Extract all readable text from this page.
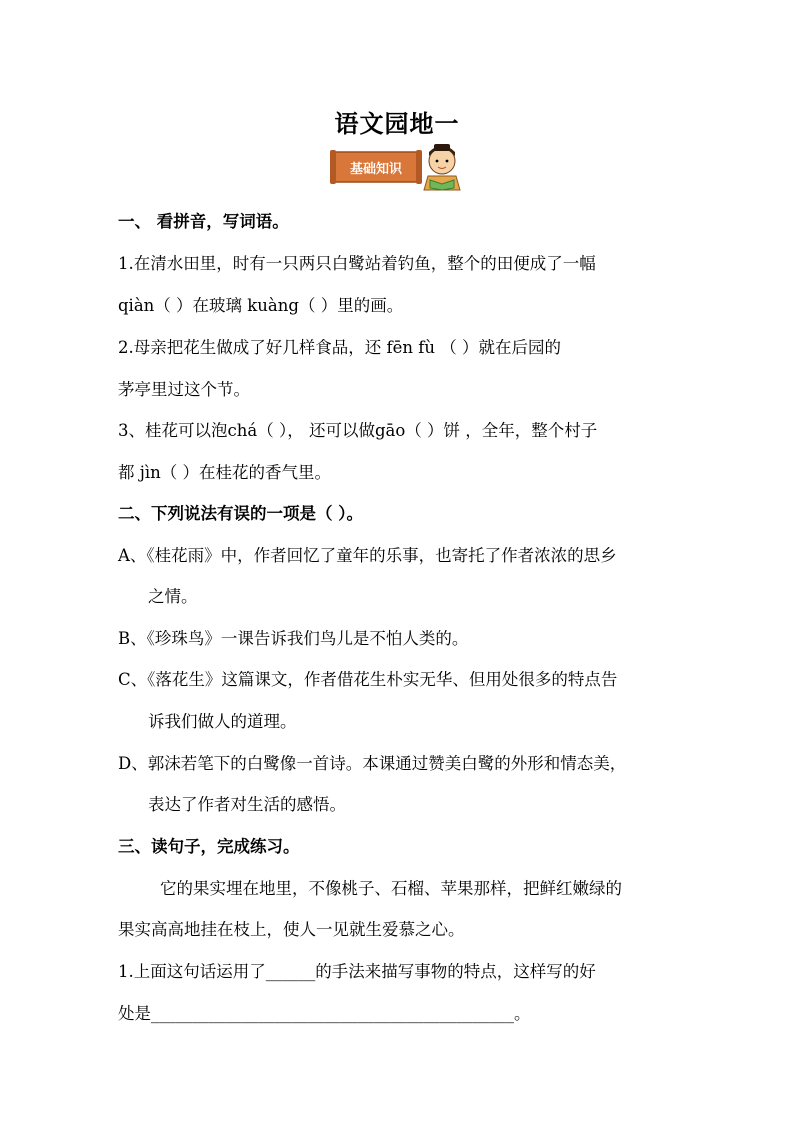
语文园地一
基础知识
一、 看拼音，写词语。
1.在清水田里，时有一只两只白鹭站着钓鱼，整个的田便成了一幅
qiàn（ ）在玻璃 kuàng（ ）里的画。
2.母亲把花生做成了好几样食品，还 fēn fù （ ）就在后园的
茅亭里过这个节。
3、桂花可以泡chá（ ）， 还可以做gāo（ ）饼 ，全年，整个村子
都 jìn（ ）在桂花的香气里。
二、下列说法有误的一项是（ ）。
A、《桂花雨》中，作者回忆了童年的乐事，也寄托了作者浓浓的思乡
之情。
B、《珍珠鸟》一课告诉我们鸟儿是不怕人类的。
C、《落花生》这篇课文，作者借花生朴实无华、但用处很多的特点告
诉我们做人的道理。
D、郭沫若笔下的白鹭像一首诗。本课通过赞美白鹭的外形和情态美，
表达了作者对生活的感悟。
三、读句子，完成练习。
它的果实埋在地里，不像桃子、石榴、苹果那样，把鲜红嫩绿的
果实高高地挂在枝上，使人一见就生爱慕之心。
1.上面这句话运用了______的手法来描写事物的特点，这样写的好
处是____________________________________________。
